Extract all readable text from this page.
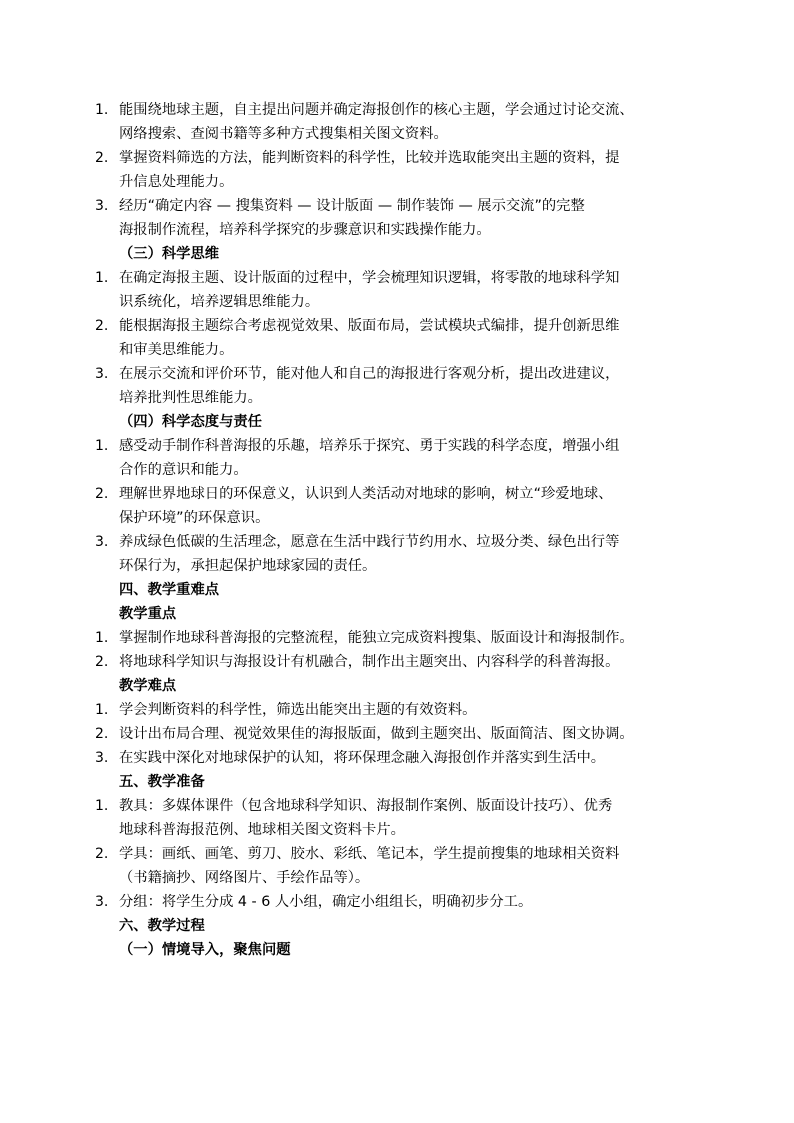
1. 能围绕地球主题，自主提出问题并确定海报创作的核心主题，学会通过讨论交流、
网络搜索、查阅书籍等多种方式搜集相关图文资料。
2. 掌握资料筛选的方法，能判断资料的科学性，比较并选取能突出主题的资料，提
升信息处理能力。
3. 经历“确定内容 — 搜集资料 — 设计版面 — 制作装饰 — 展示交流”的完整
海报制作流程，培养科学探究的步骤意识和实践操作能力。
（三）科学思维
1. 在确定海报主题、设计版面的过程中，学会梳理知识逻辑，将零散的地球科学知
识系统化，培养逻辑思维能力。
2. 能根据海报主题综合考虑视觉效果、版面布局，尝试模块式编排，提升创新思维
和审美思维能力。
3. 在展示交流和评价环节，能对他人和自己的海报进行客观分析，提出改进建议，
培养批判性思维能力。
（四）科学态度与责任
1. 感受动手制作科普海报的乐趣，培养乐于探究、勇于实践的科学态度，增强小组
合作的意识和能力。
2. 理解世界地球日的环保意义，认识到人类活动对地球的影响，树立“珍爱地球、
保护环境”的环保意识。
3. 养成绿色低碳的生活理念，愿意在生活中践行节约用水、垃圾分类、绿色出行等
环保行为，承担起保护地球家园的责任。
四、教学重难点
教学重点
1. 掌握制作地球科普海报的完整流程，能独立完成资料搜集、版面设计和海报制作。
2. 将地球科学知识与海报设计有机融合，制作出主题突出、内容科学的科普海报。
教学难点
1. 学会判断资料的科学性，筛选出能突出主题的有效资料。
2. 设计出布局合理、视觉效果佳的海报版面，做到主题突出、版面简洁、图文协调。
3. 在实践中深化对地球保护的认知，将环保理念融入海报创作并落实到生活中。
五、教学准备
1. 教具：多媒体课件（包含地球科学知识、海报制作案例、版面设计技巧）、优秀
地球科普海报范例、地球相关图文资料卡片。
2. 学具：画纸、画笔、剪刀、胶水、彩纸、笔记本，学生提前搜集的地球相关资料
（书籍摘抄、网络图片、手绘作品等）。
3. 分组：将学生分成 4 - 6 人小组，确定小组组长，明确初步分工。
六、教学过程
（一）情境导入，聚焦问题
